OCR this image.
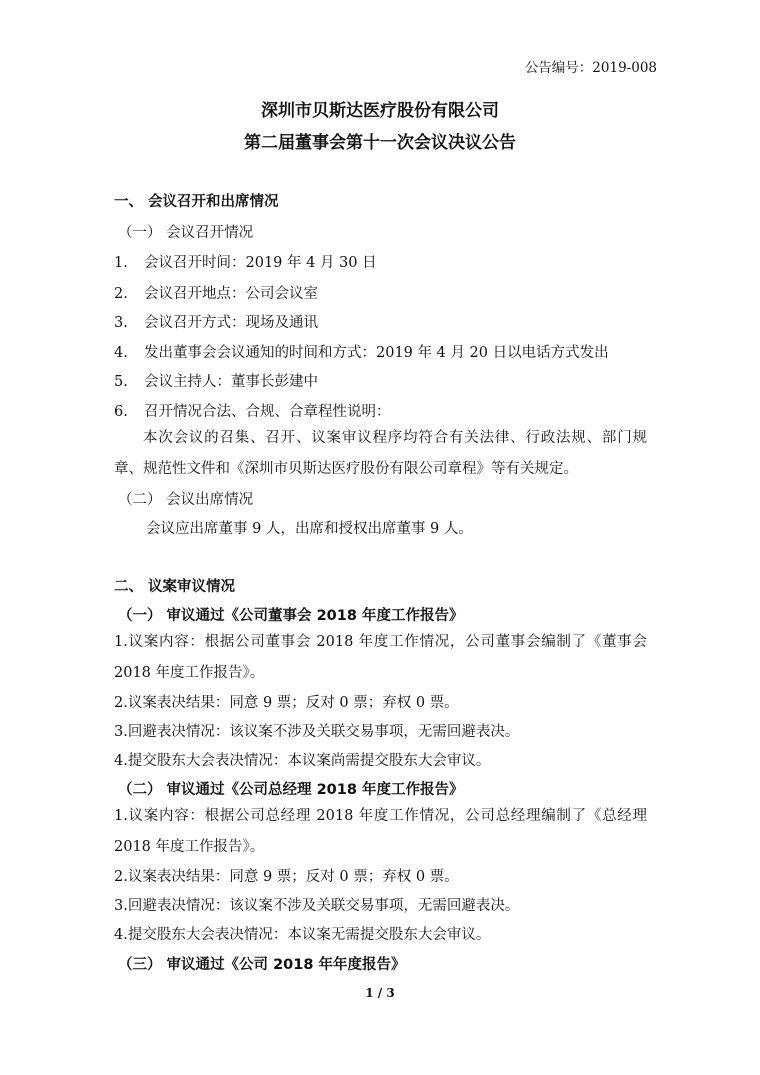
公告编号：2019-008
深圳市贝斯达医疗股份有限公司
第二届董事会第十一次会议决议公告
一、 会议召开和出席情况
（一） 会议召开情况
1. 会议召开时间：2019 年 4 月 30 日
2. 会议召开地点：公司会议室
3. 会议召开方式：现场及通讯
4. 发出董事会会议通知的时间和方式：2019 年 4 月 20 日以电话方式发出
5. 会议主持人：董事长彭建中
6. 召开情况合法、合规、合章程性说明：
本次会议的召集、召开、议案审议程序均符合有关法律、行政法规、部门规章、规范性文件和《深圳市贝斯达医疗股份有限公司章程》等有关规定。
（二） 会议出席情况
会议应出席董事 9 人，出席和授权出席董事 9 人。
二、 议案审议情况
（一） 审议通过《公司董事会 2018 年度工作报告》
1.议案内容：根据公司董事会 2018 年度工作情况，公司董事会编制了《董事会 2018 年度工作报告》。
2.议案表决结果：同意 9 票；反对 0 票；弃权 0 票。
3.回避表决情况：该议案不涉及关联交易事项，无需回避表决。
4.提交股东大会表决情况：本议案尚需提交股东大会审议。
（二） 审议通过《公司总经理 2018 年度工作报告》
1.议案内容：根据公司总经理 2018 年度工作情况，公司总经理编制了《总经理 2018 年度工作报告》。
2.议案表决结果：同意 9 票；反对 0 票；弃权 0 票。
3.回避表决情况：该议案不涉及关联交易事项，无需回避表决。
4.提交股东大会表决情况：本议案无需提交股东大会审议。
（三） 审议通过《公司 2018 年年度报告》
1 / 3
